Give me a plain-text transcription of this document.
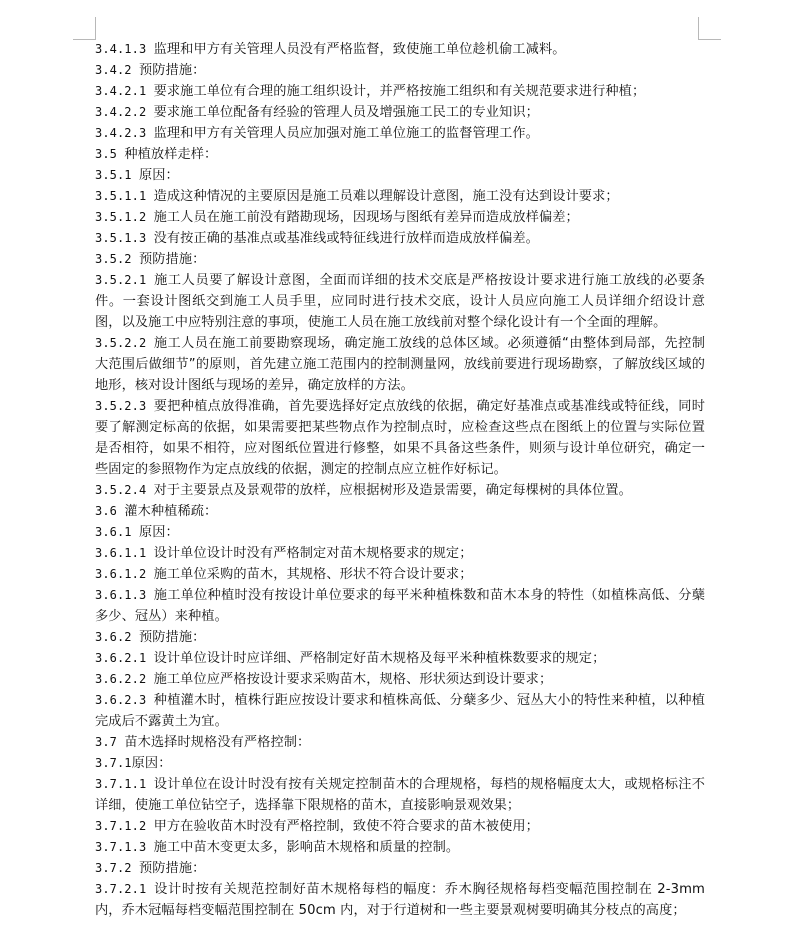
3.4.1.3 监理和甲方有关管理人员没有严格监督，致使施工单位趁机偷工减料。

3.4.2 预防措施：

3.4.2.1 要求施工单位有合理的施工组织设计，并严格按施工组织和有关规范要求进行种植；

3.4.2.2 要求施工单位配备有经验的管理人员及增强施工民工的专业知识；

3.4.2.3 监理和甲方有关管理人员应加强对施工单位施工的监督管理工作。

3.5 种植放样走样：

3.5.1 原因：

3.5.1.1 造成这种情况的主要原因是施工员难以理解设计意图，施工没有达到设计要求；

3.5.1.2 施工人员在施工前没有踏勘现场，因现场与图纸有差异而造成放样偏差；

3.5.1.3 没有按正确的基准点或基准线或特征线进行放样而造成放样偏差。

3.5.2 预防措施：

3.5.2.1 施工人员要了解设计意图，全面而详细的技术交底是严格按设计要求进行施工放线的必要条件。一套设计图纸交到施工人员手里，应同时进行技术交底，设计人员应向施工人员详细介绍设计意图，以及施工中应特别注意的事项，使施工人员在施工放线前对整个绿化设计有一个全面的理解。

3.5.2.2 施工人员在施工前要勘察现场，确定施工放线的总体区域。必须遵循“由整体到局部，先控制大范围后做细节”的原则，首先建立施工范围内的控制测量网，放线前要进行现场勘察，了解放线区域的地形，核对设计图纸与现场的差异，确定放样的方法。

3.5.2.3 要把种植点放得准确，首先要选择好定点放线的依据，确定好基准点或基准线或特征线，同时要了解测定标高的依据，如果需要把某些物点作为控制点时，应检查这些点在图纸上的位置与实际位置是否相符，如果不相符，应对图纸位置进行修整，如果不具备这些条件，则须与设计单位研究，确定一些固定的参照物作为定点放线的依据，测定的控制点应立桩作好标记。

3.5.2.4 对于主要景点及景观带的放样，应根据树形及造景需要，确定每棵树的具体位置。

3.6 灌木种植稀疏：

3.6.1 原因：

3.6.1.1 设计单位设计时没有严格制定对苗木规格要求的规定；

3.6.1.2 施工单位采购的苗木，其规格、形状不符合设计要求；

3.6.1.3 施工单位种植时没有按设计单位要求的每平米种植株数和苗木本身的特性（如植株高低、分蘖多少、冠丛）来种植。

3.6.2 预防措施：

3.6.2.1 设计单位设计时应详细、严格制定好苗木规格及每平米种植株数要求的规定；

3.6.2.2 施工单位应严格按设计要求采购苗木，规格、形状须达到设计要求；

3.6.2.3 种植灌木时，植株行距应按设计要求和植株高低、分蘖多少、冠丛大小的特性来种植，以种植完成后不露黄土为宜。

3.7 苗木选择时规格没有严格控制：

3.7.1原因：

3.7.1.1 设计单位在设计时没有按有关规定控制苗木的合理规格，每档的规格幅度太大，或规格标注不详细，使施工单位钻空子，选择靠下限规格的苗木，直接影响景观效果；

3.7.1.2 甲方在验收苗木时没有严格控制，致使不符合要求的苗木被使用；

3.7.1.3 施工中苗木变更太多，影响苗木规格和质量的控制。

3.7.2 预防措施：

3.7.2.1 设计时按有关规范控制好苗木规格每档的幅度：乔木胸径规格每档变幅范围控制在 2-3mm 内，乔木冠幅每档变幅范围控制在 50cm 内，对于行道树和一些主要景观树要明确其分枝点的高度；
